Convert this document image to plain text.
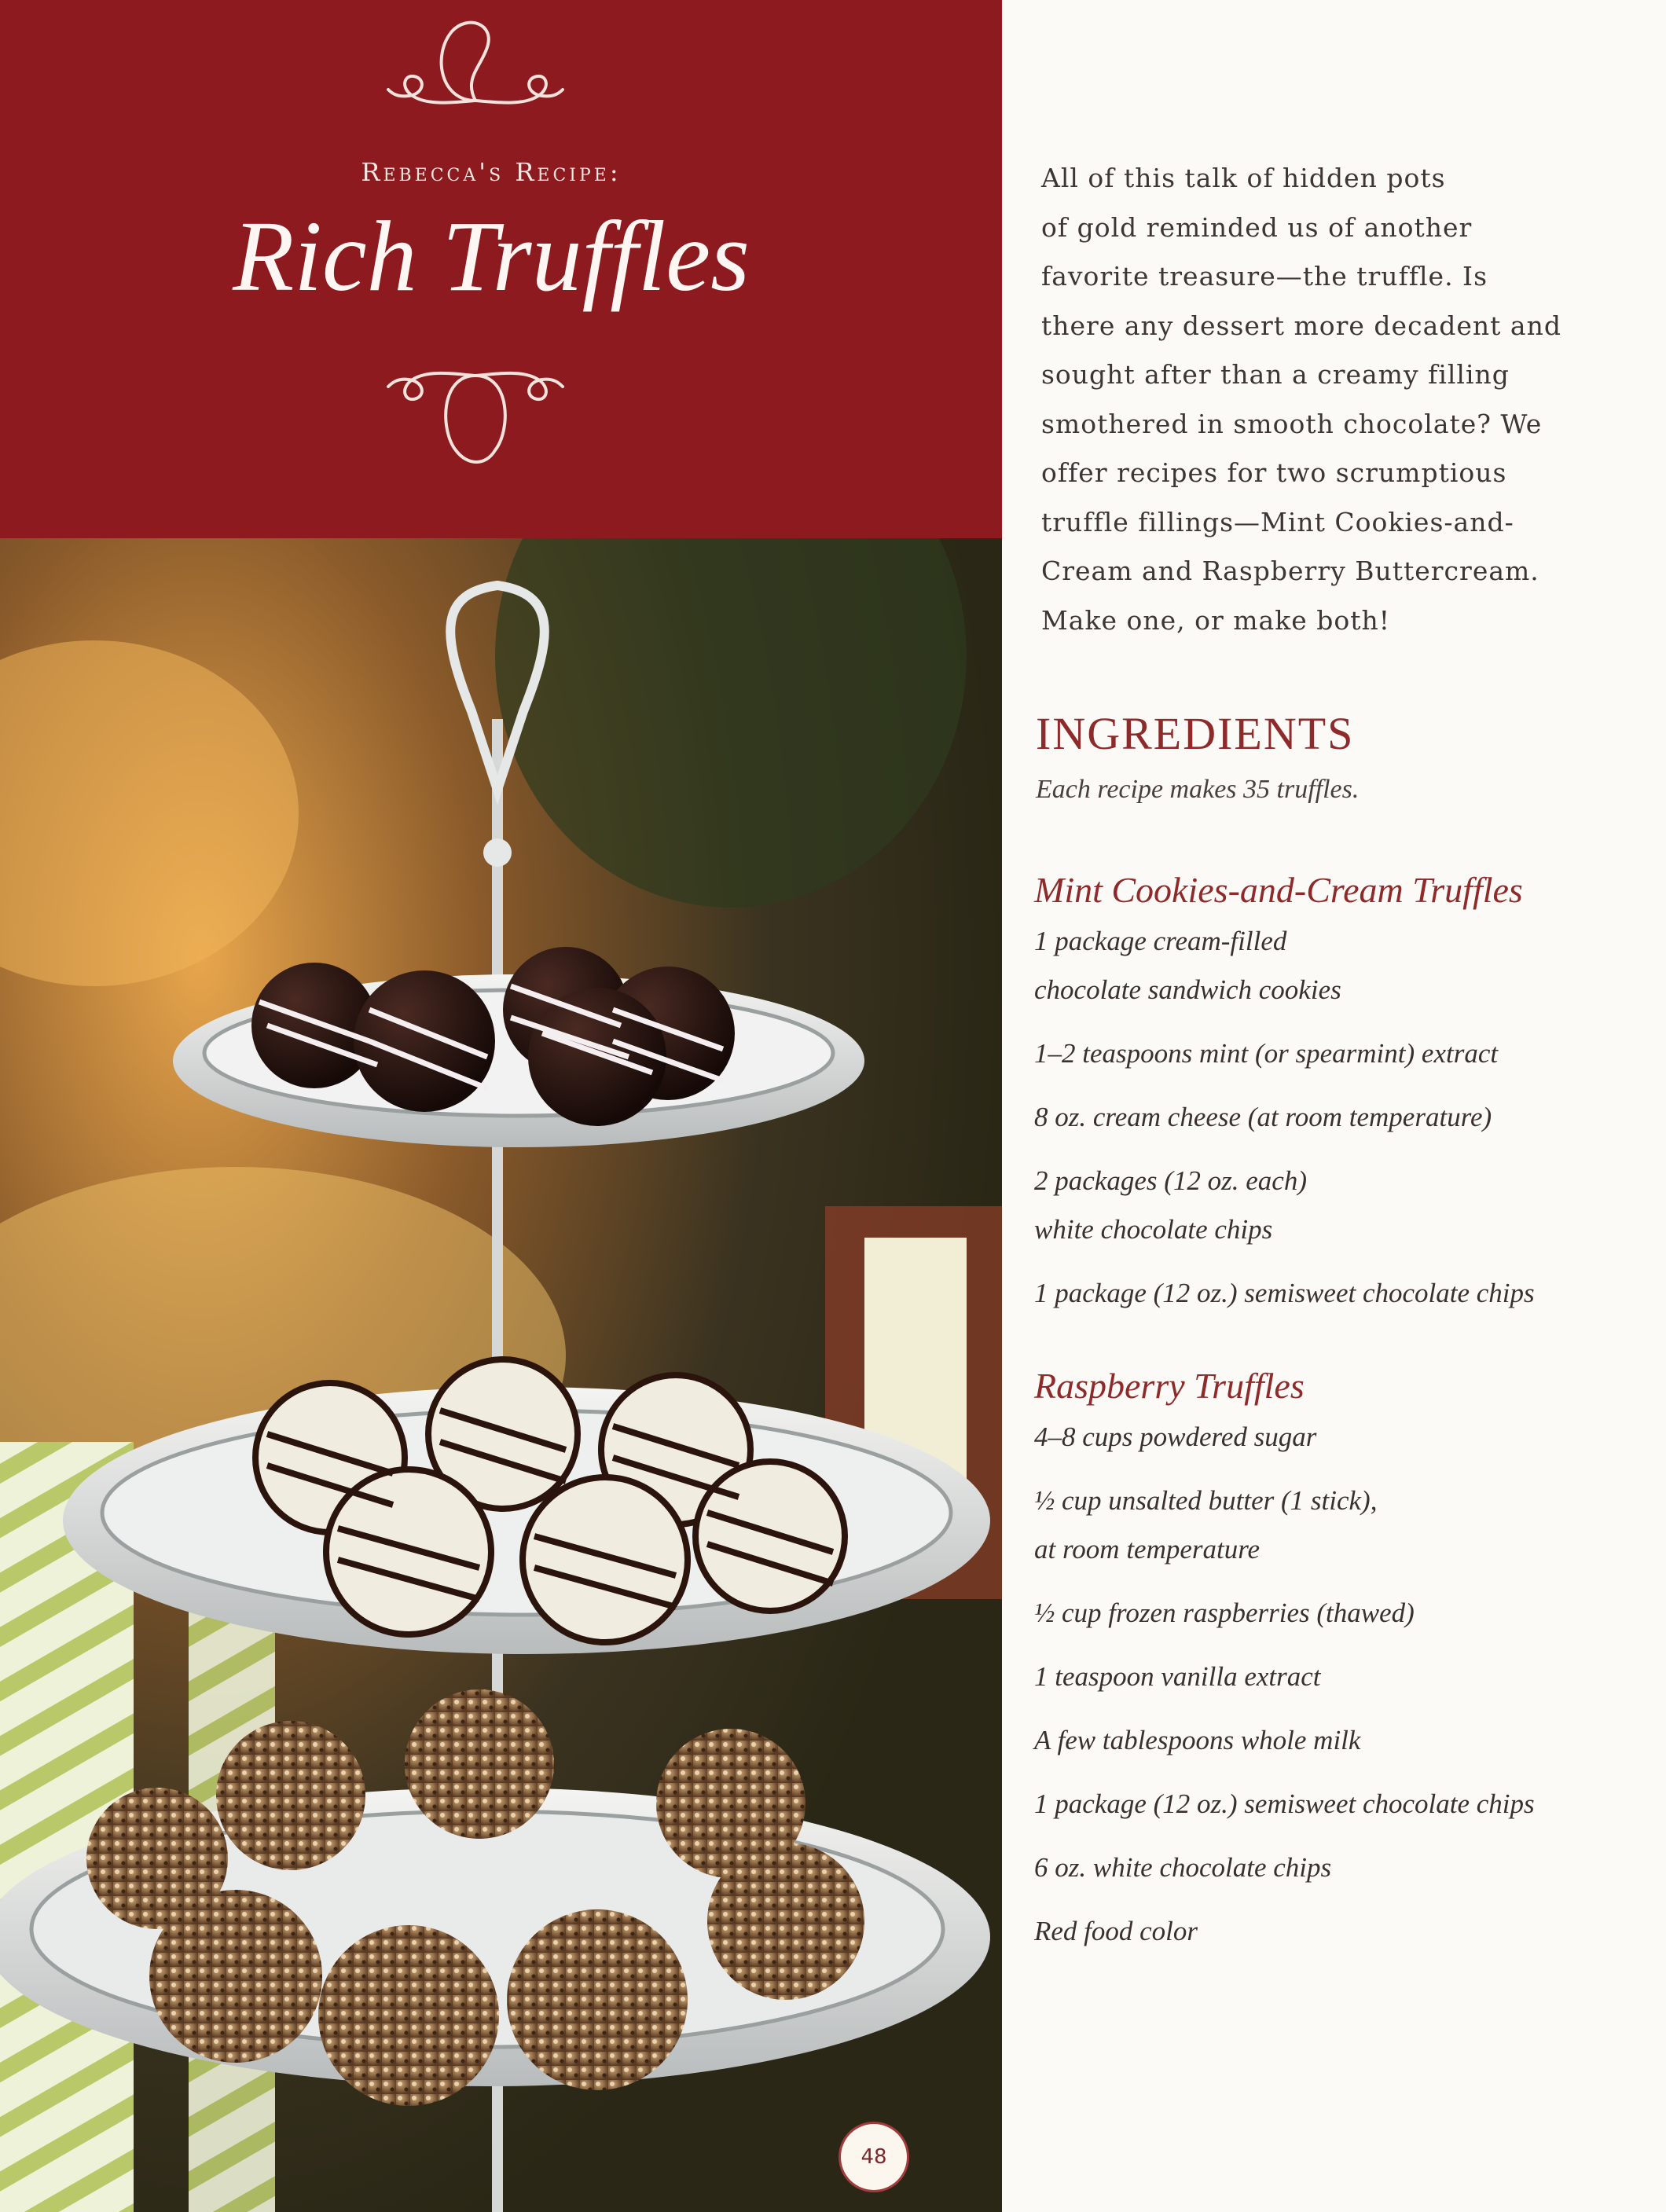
Rebecca's Recipe:
Rich Truffles
48

All of this talk of hidden pots
of gold reminded us of another
favorite treasure—the truffle. Is
there any dessert more decadent and
sought after than a creamy filling
smothered in smooth chocolate? We
offer recipes for two scrumptious
truffle fillings—Mint Cookies-and-
Cream and Raspberry Buttercream.
Make one, or make both!

INGREDIENTS
Each recipe makes 35 truffles.
Mint Cookies-and-Cream Truffles
1 package cream-filled
chocolate sandwich cookies
1–2 teaspoons mint (or spearmint) extract
8 oz. cream cheese (at room temperature)
2 packages (12 oz. each)
white chocolate chips
1 package (12 oz.) semisweet chocolate chips
Raspberry Truffles
4–8 cups powdered sugar
½ cup unsalted butter (1 stick),
at room temperature
½ cup frozen raspberries (thawed)
1 teaspoon vanilla extract
A few tablespoons whole milk
1 package (12 oz.) semisweet chocolate chips
6 oz. white chocolate chips
Red food color
